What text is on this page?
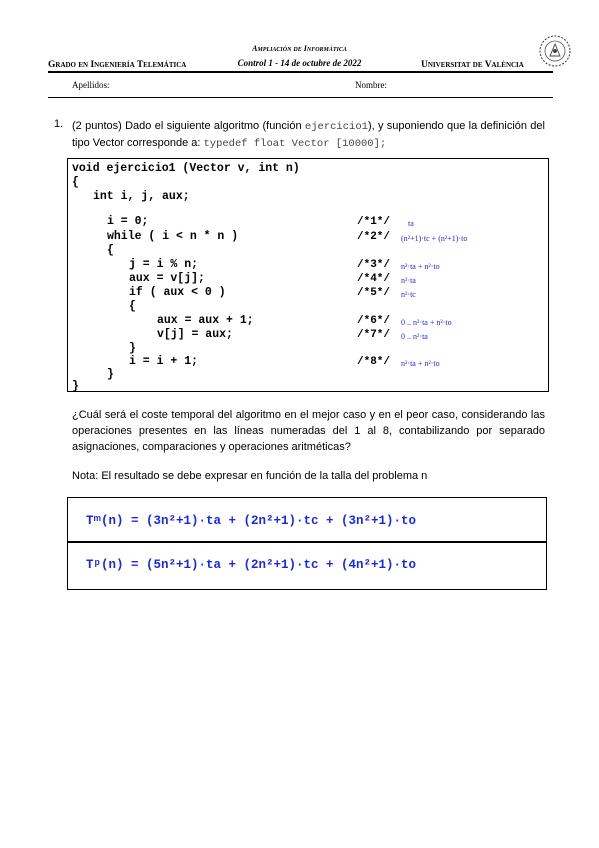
Grado en Ingeniería Telemática
Ampliación de Informática
Control 1 - 14 de octubre de 2022	Universitat de València
Apellidos:	Nombre:
1. (2 puntos) Dado el siguiente algoritmo (función ejercicio1), y suponiendo que la definición del tipo Vector corresponde a: typedef float Vector [10000];
void ejercicio1 (Vector v, int n)
{
int i, j, aux;
i = 0;
while ( i < n * n )
{
j = i % n;
aux = v[j];
if ( aux < 0 )
{
aux = aux + 1;
v[j] = aux;
}
i = i + 1;
}
}
/*1*/
/*2*/
/*3*/
/*4*/
/*5*/
/*6*/
/*7*/
/*8*/
ta
(n²+1)·tc + (n²+1)·to
n²·ta + n²·to
n²·ta
n²·tc
0 .. n²·ta + n²·to
0 .. n²·ta
n²·ta + n²·to
¿Cuál será el coste temporal del algoritmo en el mejor caso y en el peor caso, considerando las operaciones presentes en las líneas numeradas del 1 al 8, contabilizando por separado asignaciones, comparaciones y operaciones aritméticas?
Nota: El resultado se debe expresar en función de la talla del problema n
Tᵐ(n) = (3n²+1)·ta + (2n²+1)·tc + (3n²+1)·to
Tᵖ(n) = (5n²+1)·ta + (2n²+1)·tc + (4n²+1)·to
